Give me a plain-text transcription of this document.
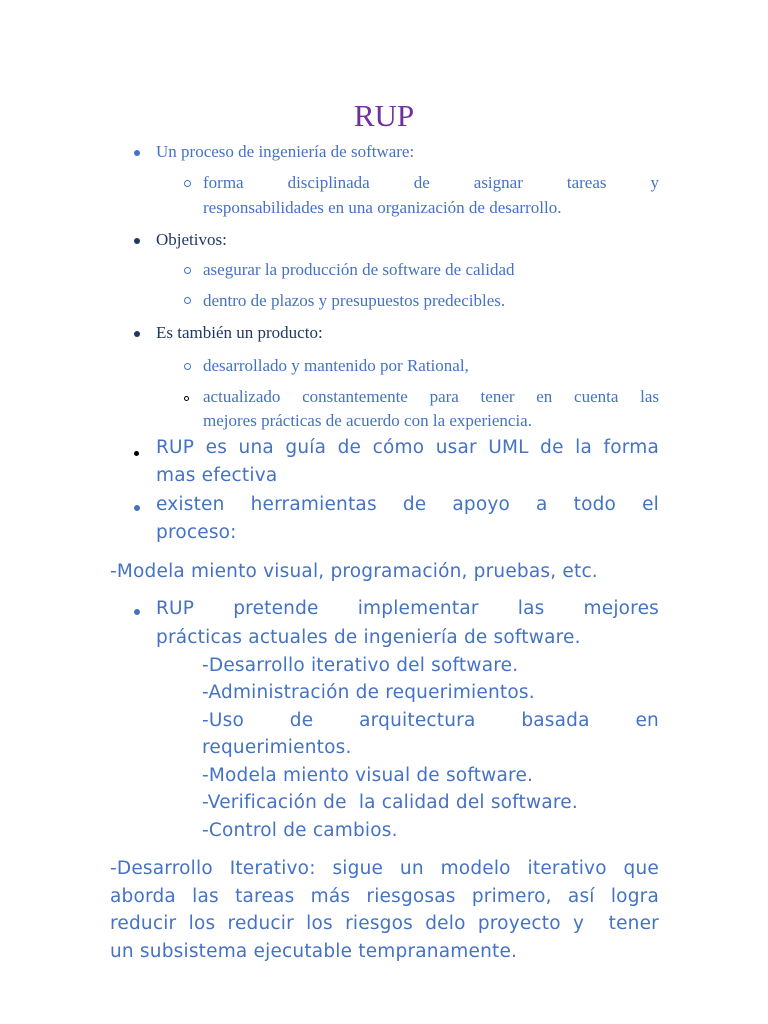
RUP
Un proceso de ingeniería de software:
forma disciplinada de asignar tareas y
responsabilidades en una organización de desarrollo.
Objetivos:
asegurar la producción de software de calidad
dentro de plazos y presupuestos predecibles.
Es también un producto:
desarrollado y mantenido por Rational,
actualizado constantemente para tener en cuenta las
mejores prácticas de acuerdo con la experiencia.
RUP es una guía de cómo usar UML de la forma
mas efectiva
existen herramientas de apoyo a todo el
proceso:
-Modela miento visual, programación, pruebas, etc.
RUP pretende implementar las mejores
prácticas actuales de ingeniería de software.
-Desarrollo iterativo del software.
-Administración de requerimientos.
-Uso de arquitectura basada en
requerimientos.
-Modela miento visual de software.
-Verificación de  la calidad del software.
-Control de cambios.
-Desarrollo Iterativo: sigue un modelo iterativo que
aborda las tareas más riesgosas primero, así logra
reducir los reducir los riesgos delo proyecto y  tener
un subsistema ejecutable tempranamente.
